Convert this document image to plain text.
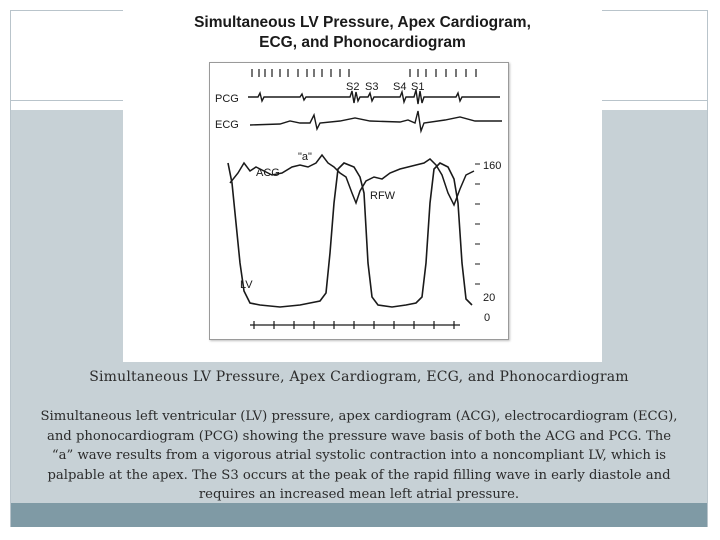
Simultaneous LV Pressure, Apex Cardiogram,
ECG, and Phonocardiogram
S2 S3 S4 S1
PCG
ECG
160
20
0
ACG
"a"
RFW
LV
Simultaneous LV Pressure, Apex Cardiogram, ECG, and Phonocardiogram
Simultaneous left ventricular (LV) pressure, apex cardiogram (ACG), electrocardiogram (ECG), and phonocardiogram (PCG) showing the pressure wave basis of both the ACG and PCG. The “a” wave results from a vigorous atrial systolic contraction into a noncompliant LV, which is palpable at the apex. The S3 occurs at the peak of the rapid filling wave in early diastole and requires an increased mean left atrial pressure.
